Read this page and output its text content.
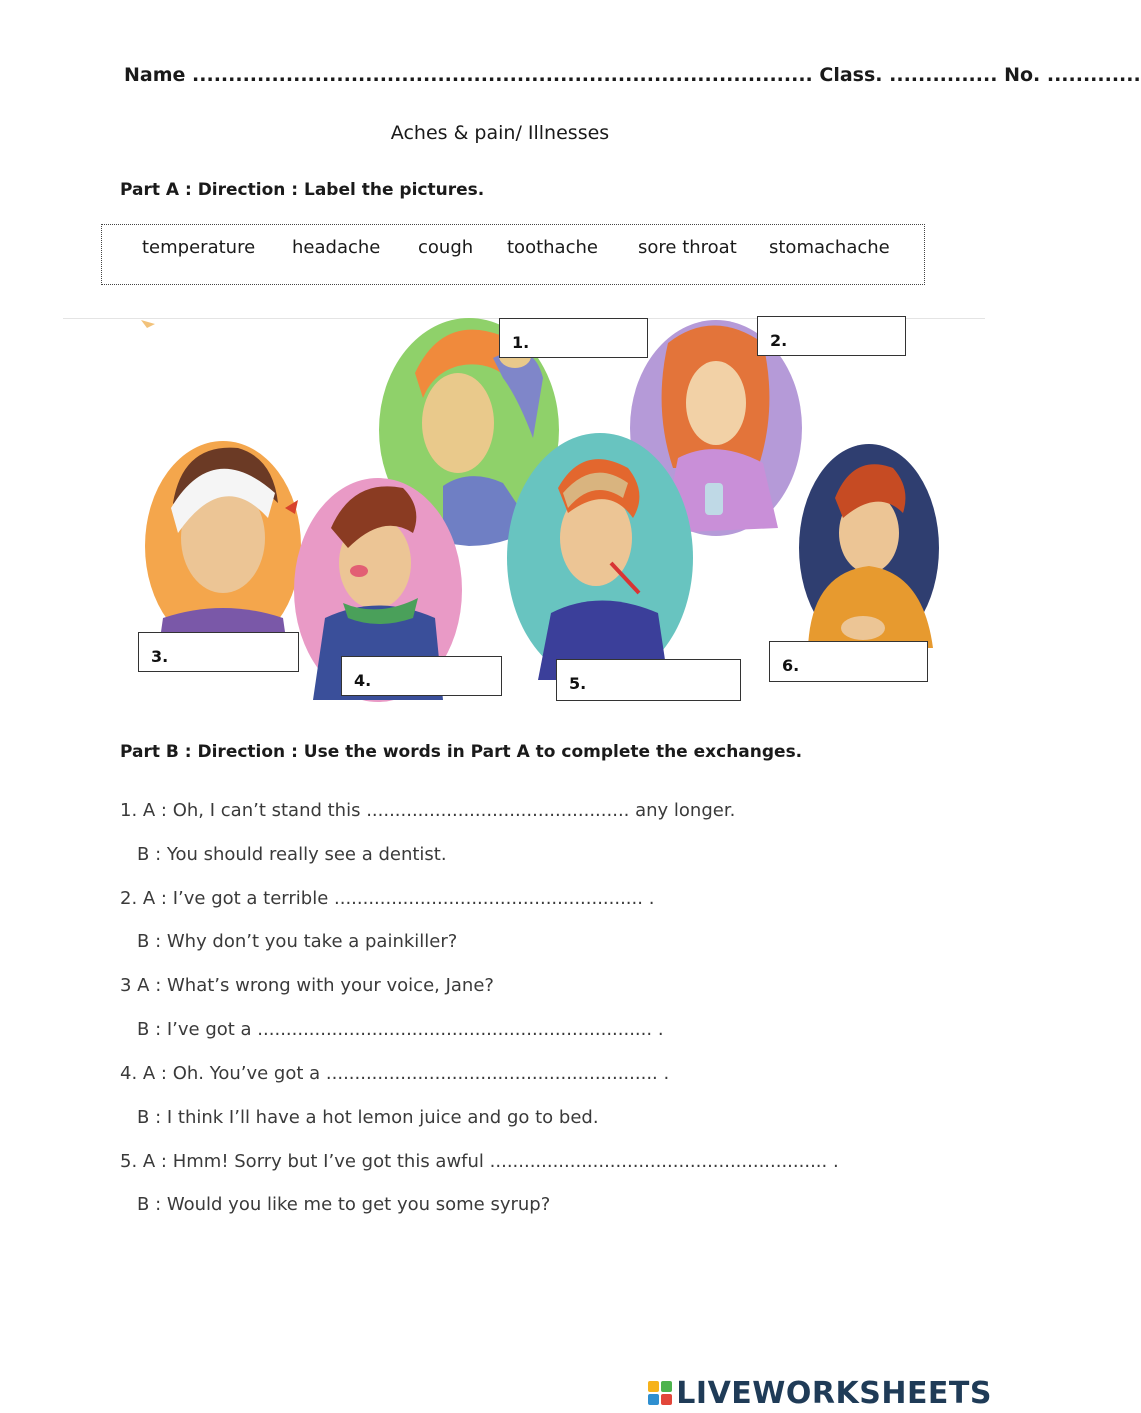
Name ...................................................................................... Class. ............... No. .............
Aches & pain/ Illnesses
Part A : Direction : Label the pictures.
temperature headache cough toothache sore throat stomachache
1.	2.
3.
4.	5.
6.
Part B : Direction : Use the words in Part A to complete the exchanges.
1. A : Oh, I can’t stand this .............................................. any longer.
B : You should really see a dentist.
2. A : I’ve got a terrible ...................................................... .
B : Why don’t you take a painkiller?
3 A : What’s wrong with your voice, Jane?
B : I’ve got a ..................................................................... .
4. A : Oh. You’ve got a .......................................................... .
B : I think I’ll have a hot lemon juice and go to bed.
5. A : Hmm! Sorry but I’ve got this awful ........................................................... .
B : Would you like me to get you some syrup?
LIVEWORKSHEETS
